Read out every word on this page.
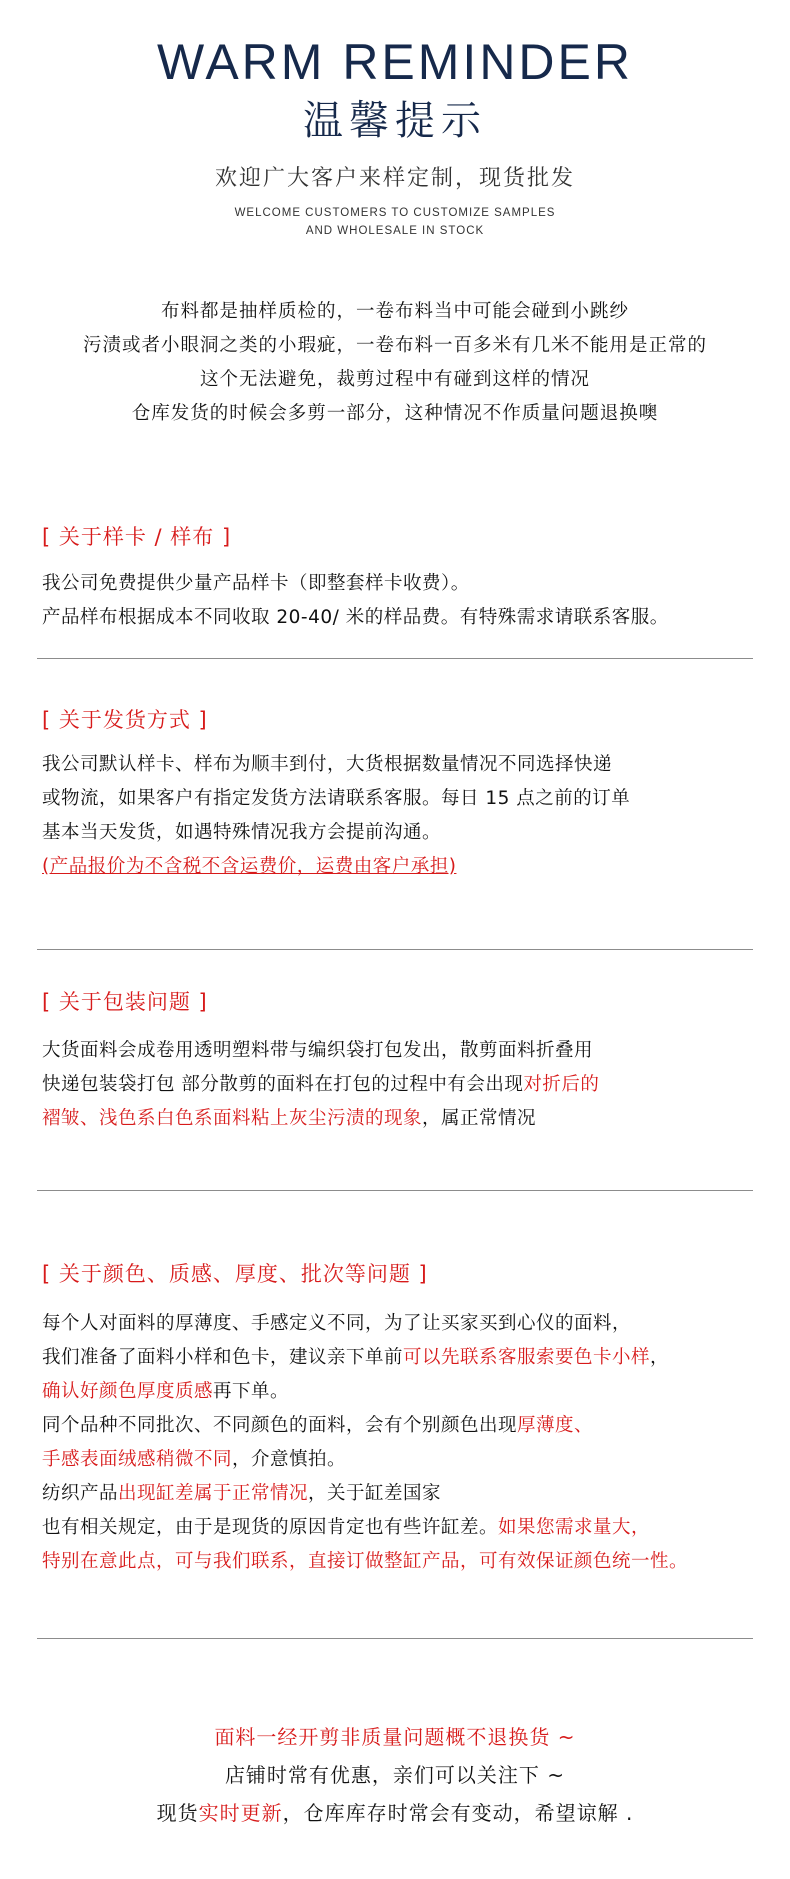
WARM REMINDER
温馨提示
欢迎广大客户来样定制，现货批发
WELCOME CUSTOMERS TO CUSTOMIZE SAMPLES
AND WHOLESALE IN STOCK
布料都是抽样质检的，一卷布料当中可能会碰到小跳纱
污渍或者小眼洞之类的小瑕疵，一卷布料一百多米有几米不能用是正常的
这个无法避免，裁剪过程中有碰到这样的情况
仓库发货的时候会多剪一部分，这种情况不作质量问题退换噢
[ 关于样卡 / 样布 ]
我公司免费提供少量产品样卡（即整套样卡收费）。
产品样布根据成本不同收取 20-40/ 米的样品费。有特殊需求请联系客服。
[ 关于发货方式 ]
我公司默认样卡、样布为顺丰到付，大货根据数量情况不同选择快递
或物流，如果客户有指定发货方法请联系客服。每日 15 点之前的订单
基本当天发货，如遇特殊情况我方会提前沟通。
(产品报价为不含税不含运费价，运费由客户承担)
[ 关于包装问题 ]
大货面料会成卷用透明塑料带与编织袋打包发出，散剪面料折叠用
快递包装袋打包 部分散剪的面料在打包的过程中有会出现对折后的
褶皱、浅色系白色系面料粘上灰尘污渍的现象，属正常情况
[ 关于颜色、质感、厚度、批次等问题 ]
每个人对面料的厚薄度、手感定义不同，为了让买家买到心仪的面料，
我们准备了面料小样和色卡，建议亲下单前可以先联系客服索要色卡小样，
确认好颜色厚度质感再下单。
同个品种不同批次、不同颜色的面料，会有个别颜色出现厚薄度、
手感表面绒感稍微不同，介意慎拍。
纺织产品出现缸差属于正常情况，关于缸差国家
也有相关规定，由于是现货的原因肯定也有些许缸差。如果您需求量大，
特别在意此点，可与我们联系，直接订做整缸产品，可有效保证颜色统一性。
面料一经开剪非质量问题概不退换货 ~
店铺时常有优惠，亲们可以关注下 ~
现货实时更新，仓库库存时常会有变动，希望谅解 .
